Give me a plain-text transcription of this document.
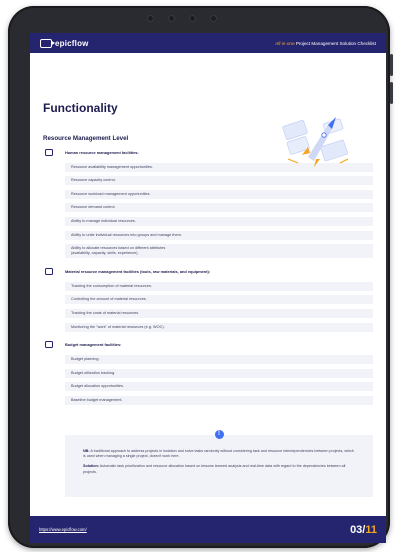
epicflow	All-in-one Project Management Solution Checklist
Functionality
Resource Management Level
Human resource management facilities:
Resource availability management opportunities.
Resource capacity control.
Resource workload management opportunities.
Resource demand control.
Ability to manage individual resources.
Ability to unite individual resources into groups and manage them.
Ability to allocate resources based on different attributes
(availability, capacity, skills, experience).
Material resource management facilities (tools, raw materials, and equipment):
Tracking the consumption of material resources.
Controlling the amount of material resources.
Tracking the costs of material resources.
Monitoring the "work" of material resources (e.g. WOC).
Budget management facilities:
Budget planning.
Budget utilization tracking.
Budget allocation opportunities.
Baseline budget management.
!

NB: A traditional approach to address projects in isolation and solve tasks randomly without considering task and resource interdependencies between projects, which is used when managing a single project, doesn't work here.

Solution: Automatic task prioritization and resource allocation based on lessons learned analysis and real-time data with regard to the dependencies between all projects.

https://www.epicflow.com/	03/11
